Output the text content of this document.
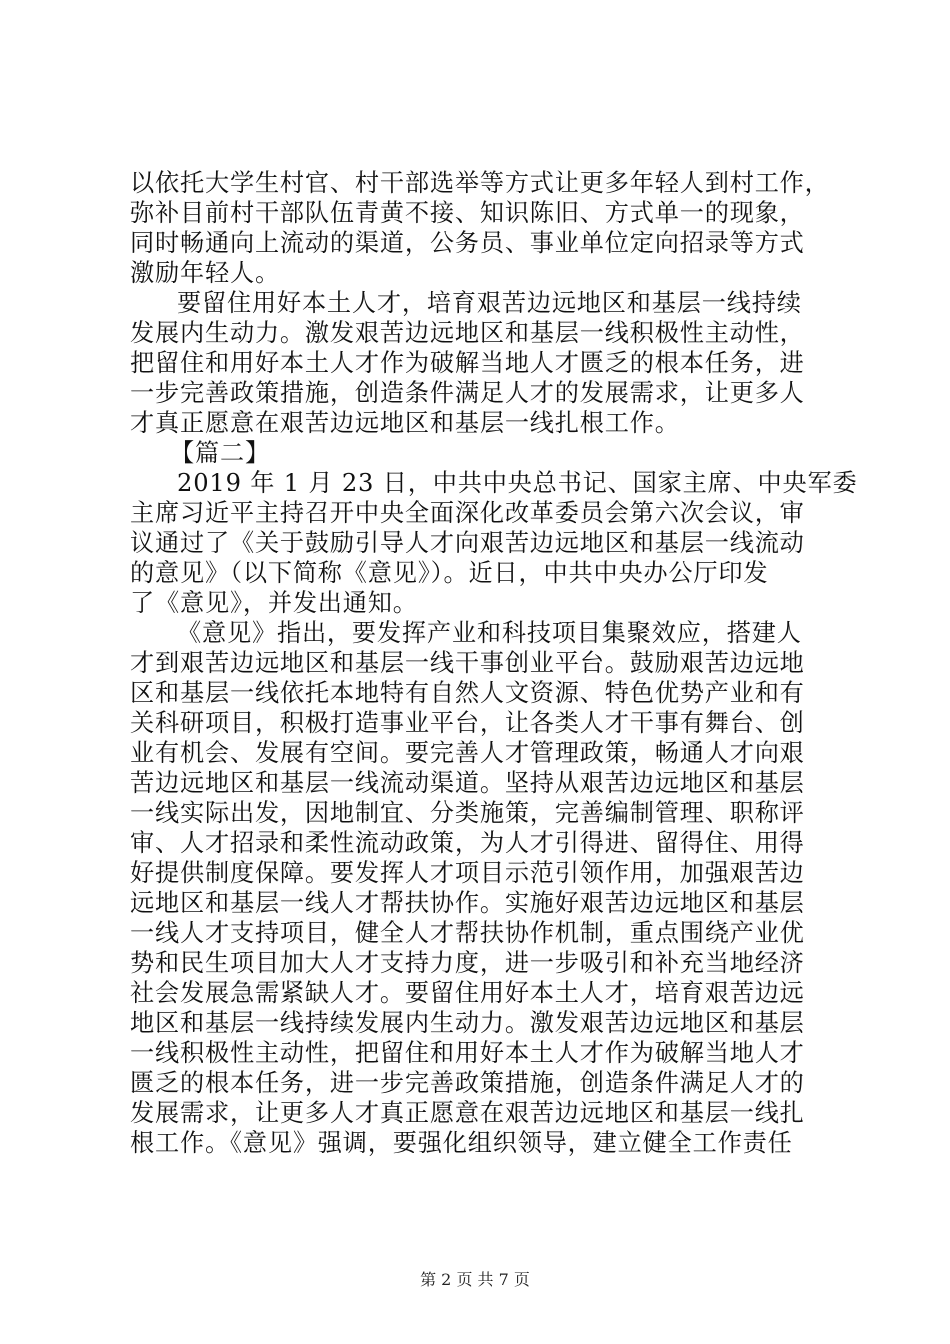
以依托大学生村官、村干部选举等方式让更多年轻人到村工作，
弥补目前村干部队伍青黄不接、知识陈旧、方式单一的现象，
同时畅通向上流动的渠道，公务员、事业单位定向招录等方式
激励年轻人。
要留住用好本土人才，培育艰苦边远地区和基层一线持续
发展内生动力。激发艰苦边远地区和基层一线积极性主动性，
把留住和用好本土人才作为破解当地人才匮乏的根本任务，进
一步完善政策措施，创造条件满足人才的发展需求，让更多人
才真正愿意在艰苦边远地区和基层一线扎根工作。
【篇二】
2019 年 1 月 23 日，中共中央总书记、国家主席、中央军委
主席习近平主持召开中央全面深化改革委员会第六次会议，审
议通过了《关于鼓励引导人才向艰苦边远地区和基层一线流动
的意见》（以下简称《意见》）。近日，中共中央办公厅印发
了《意见》，并发出通知。
《意见》指出，要发挥产业和科技项目集聚效应，搭建人
才到艰苦边远地区和基层一线干事创业平台。鼓励艰苦边远地
区和基层一线依托本地特有自然人文资源、特色优势产业和有
关科研项目，积极打造事业平台，让各类人才干事有舞台、创
业有机会、发展有空间。要完善人才管理政策，畅通人才向艰
苦边远地区和基层一线流动渠道。坚持从艰苦边远地区和基层
一线实际出发，因地制宜、分类施策，完善编制管理、职称评
审、人才招录和柔性流动政策，为人才引得进、留得住、用得
好提供制度保障。要发挥人才项目示范引领作用，加强艰苦边
远地区和基层一线人才帮扶协作。实施好艰苦边远地区和基层
一线人才支持项目，健全人才帮扶协作机制，重点围绕产业优
势和民生项目加大人才支持力度，进一步吸引和补充当地经济
社会发展急需紧缺人才。要留住用好本土人才，培育艰苦边远
地区和基层一线持续发展内生动力。激发艰苦边远地区和基层
一线积极性主动性，把留住和用好本土人才作为破解当地人才
匮乏的根本任务，进一步完善政策措施，创造条件满足人才的
发展需求，让更多人才真正愿意在艰苦边远地区和基层一线扎
根工作。《意见》强调，要强化组织领导，建立健全工作责任
第 2 页 共 7 页
